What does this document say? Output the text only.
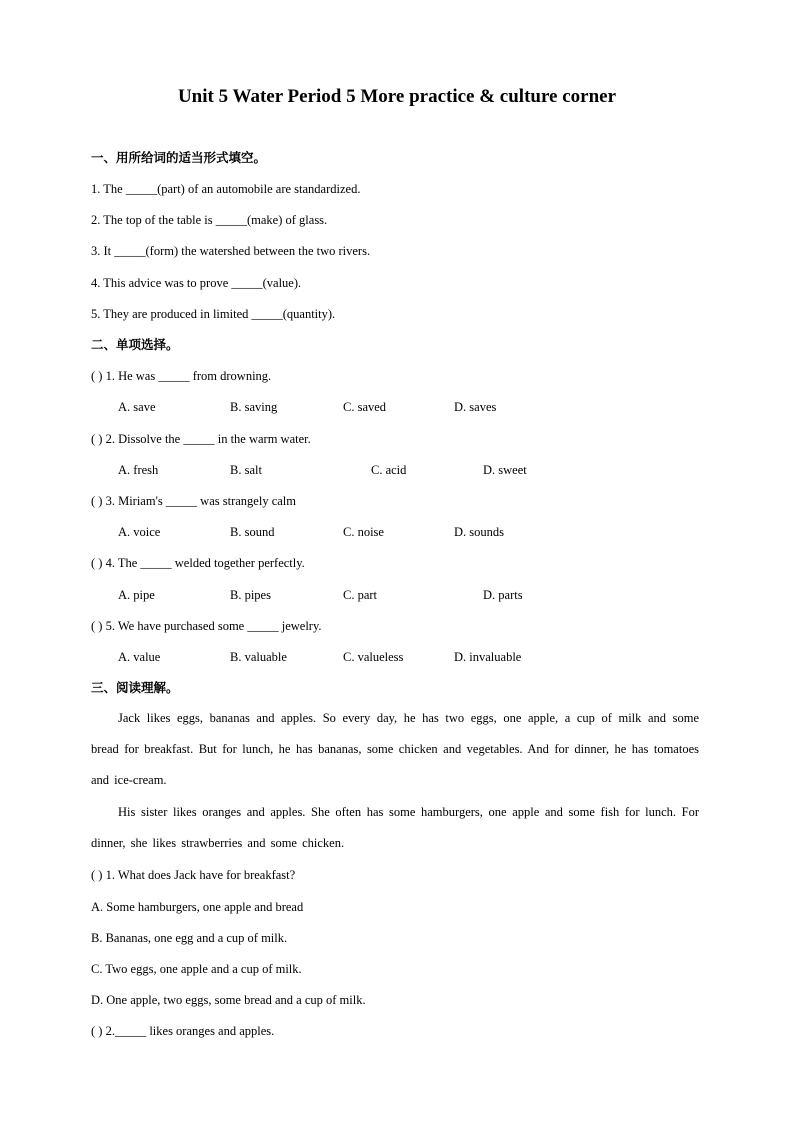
Unit 5 Water Period 5 More practice & culture corner
一、用所给词的适当形式填空。
1. The _____(part) of an automobile are standardized.
2. The top of the table is _____(make) of glass.
3. It _____(form) the watershed between the two rivers.
4. This advice was to prove _____(value).
5. They are produced in limited _____(quantity).
二、单项选择。
( ) 1. He was _____ from drowning.
A. save	B. saving	C. saved	D. saves
( ) 2. Dissolve the _____ in the warm water.
A. fresh	B. salt	C. acid	D. sweet
( ) 3. Miriam's _____ was strangely calm
A. voice	B. sound	C. noise	D. sounds
( ) 4. The _____ welded together perfectly.
A. pipe	B. pipes	C. part	D. parts
( ) 5. We have purchased some _____ jewelry.
A. value	B. valuable	C. valueless	D. invaluable
三、阅读理解。
Jack likes eggs, bananas and apples. So every day, he has two eggs, one apple, a cup of milk and some bread for breakfast. But for lunch, he has bananas, some chicken and vegetables. And for dinner, he has tomatoes and ice-cream.
His sister likes oranges and apples. She often has some hamburgers, one apple and some fish for lunch. For dinner, she likes strawberries and some chicken.
( ) 1. What does Jack have for breakfast?
A. Some hamburgers, one apple and bread
B. Bananas, one egg and a cup of milk.
C. Two eggs, one apple and a cup of milk.
D. One apple, two eggs, some bread and a cup of milk.
( ) 2._____ likes oranges and apples.
